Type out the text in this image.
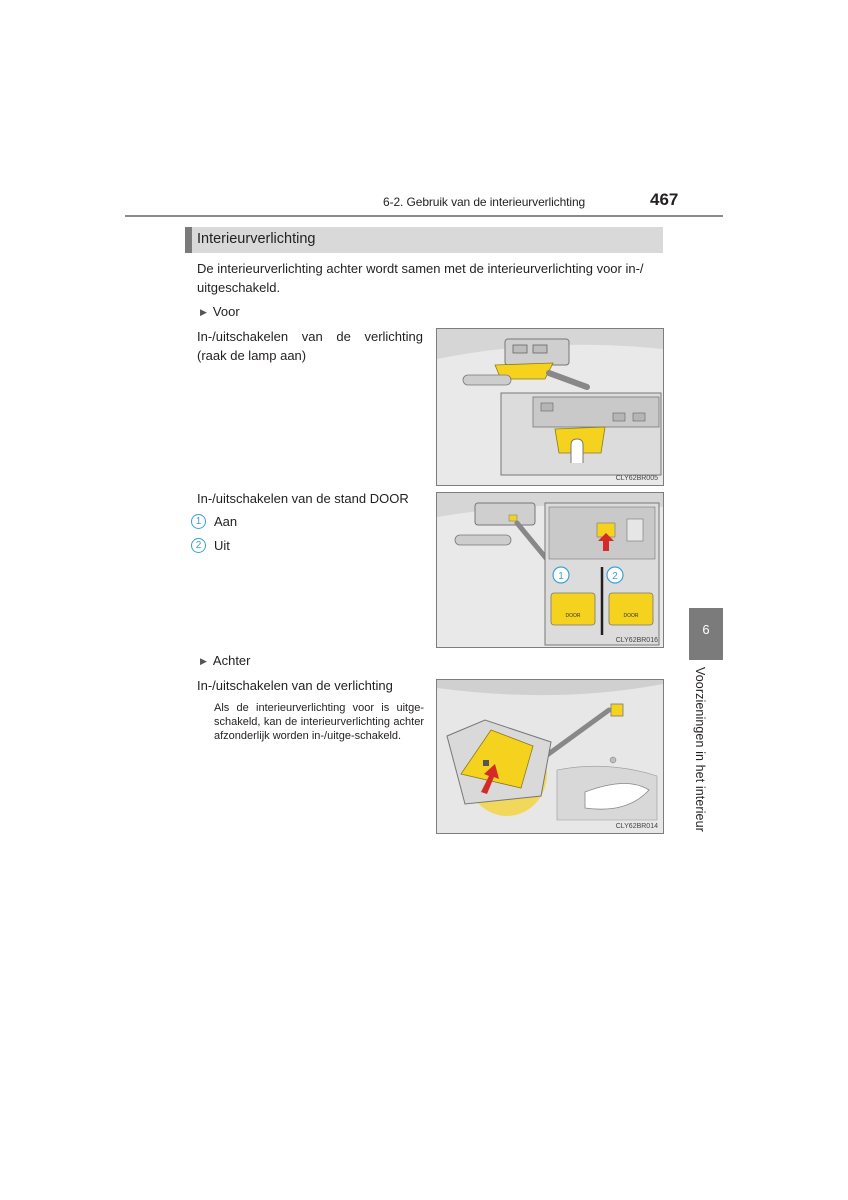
6-2. Gebruik van de interieurverlichting	467
Interieurverlichting
De interieurverlichting achter wordt samen met de interieurverlichting voor in-/ uitgeschakeld.
▶ Voor
In-/uitschakelen van de verlichting (raak de lamp aan)
CLY62BR005
In-/uitschakelen van de stand DOOR
1 Aan
2 Uit
1	2
DOOR	DOOR
CLY62BR016
▶ Achter
In-/uitschakelen van de verlichting
Als de interieurverlichting voor is uitge-schakeld, kan de interieurverlichting achter afzonderlijk worden in-/uitge-schakeld.
CLY62BR014
6
Voorzieningen in het interieur
